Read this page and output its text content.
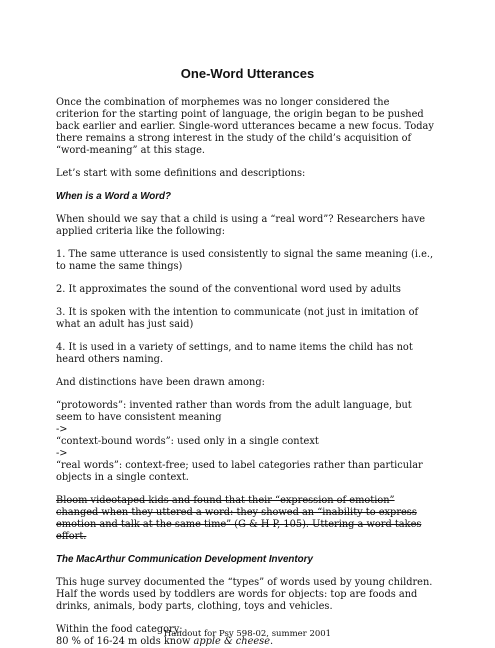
One-Word Utterances

Once the combination of morphemes was no longer considered the criterion for the starting point of language, the origin began to be pushed back earlier and earlier. Single-word utterances became a new focus. Today there remains a strong interest in the study of the child’s acquisition of “word-meaning” at this stage.

Let’s start with some definitions and descriptions:

When is a Word a Word?

When should we say that a child is using a “real word”? Researchers have applied criteria like the following:

1. The same utterance is used consistently to signal the same meaning (i.e., to name the same things)

2. It approximates the sound of the conventional word used by adults

3. It is spoken with the intention to communicate (not just in imitation of what an adult has just said)

4. It is used in a variety of settings, and to name items the child has not heard others naming.

And distinctions have been drawn among:

“protowords”: invented rather than words from the adult language, but seem to have consistent meaning

->

“context-bound words”: used only in a single context

->

“real words”: context-free; used to label categories rather than particular objects in a single context.

Bloom videotaped kids and found that their “expression of emotion” changed when they uttered a word: they showed an “inability to express emotion and talk at the same time” (G & H P, 105). Uttering a word takes effort.

The MacArthur Communication Development Inventory

This huge survey documented the “types” of words used by young children. Half the words used by toddlers are words for objects: top are foods and drinks, animals, body parts, clothing, toys and vehicles.

Within the food category:

80 % of 16-24 m olds know apple & cheese.

Handout for Psy 598-02, summer 2001
